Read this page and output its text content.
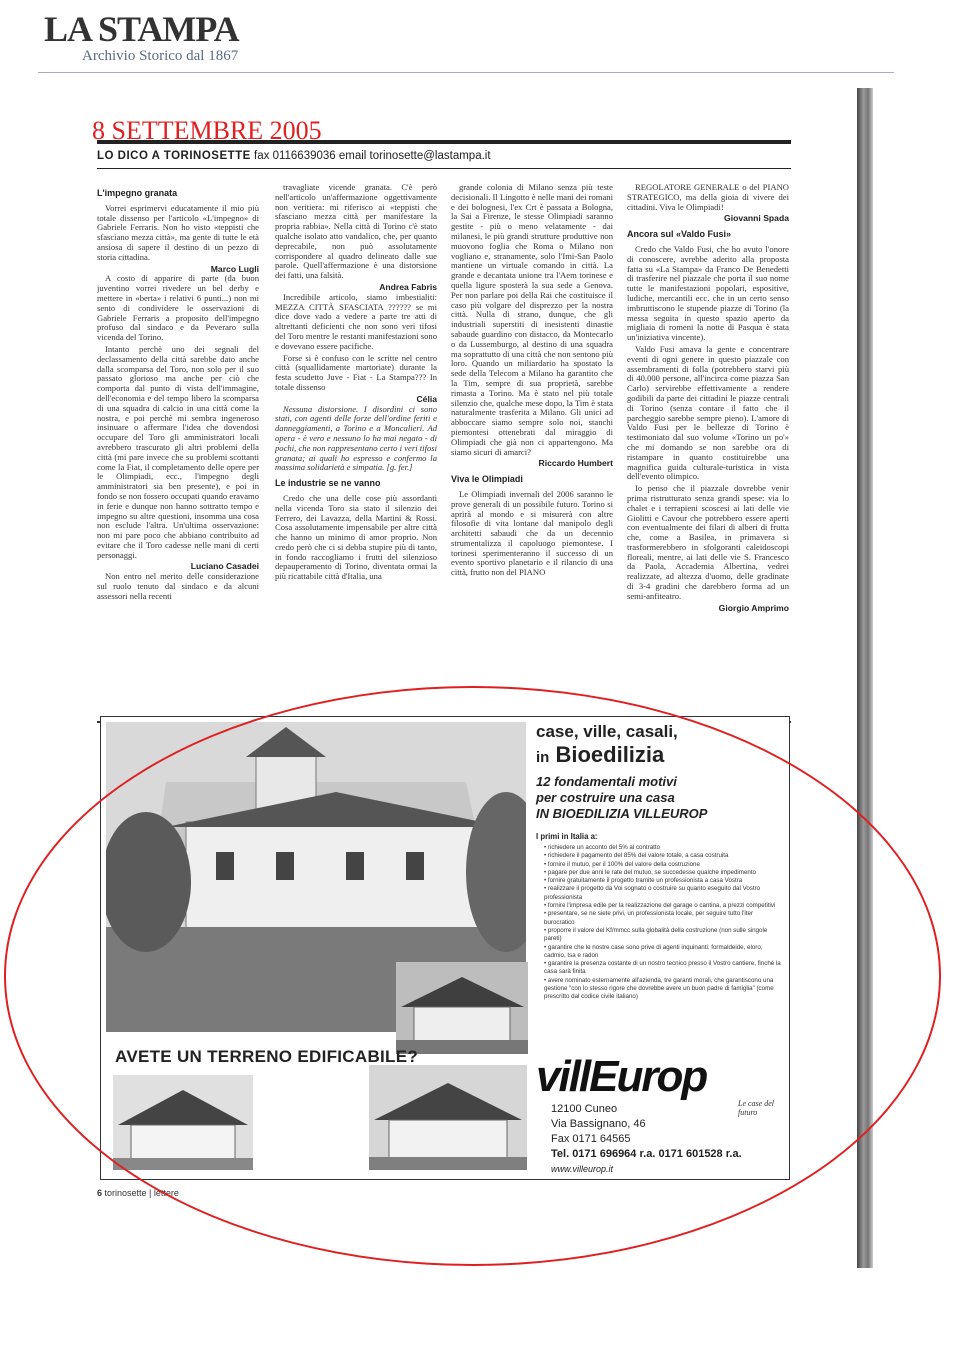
LA STAMPA
Archivio Storico dal 1867
8 SETTEMBRE 2005
LO DICO A TORINOSETTE fax 0116639036 email torinosette@lastampa.it
L'impegno granata

Vorrei esprimervi educatamente il mio più totale dissenso per l'articolo «L'impegno» di Gabriele Ferraris. Non ho visto «teppisti che sfasciano mezza città», ma gente di tutte le età ansiosa di sapere il destino di un pezzo di storia cittadina.

Marco Lugli

A costo di apparire di parte (da buon juventino vorrei rivedere un bel derby e mettere in «berta» i relativi 6 punti...) non mi sento di condividere le osservazioni di Gabriele Ferraris a proposito dell'impegno profuso dal sindaco e da Peverarо sulla vicenda del Torino.

Intanto perchè uno dei segnali del declassamento della città sarebbe dato anche dalla scomparsa del Toro, non solo per il suo passato glorioso ma anche per ciò che comporta dal punto di vista dell'immagine, dell'economia e del tempo libero la scomparsa di una squadra di calcio in una città come la nostra, e poi perchè mi sembra ingeneroso insinuare o affermare l'idea che dovendosi occupare del Toro gli amministratori locali avrebbero trascurato gli altri problemi della città (mi pare invece che su problemi scottanti come la Fiat, il completamento delle opere per le Olimpiadi, ecc., l'impegno degli amministratori sia ben presente), e poi in fondo se non fossero occupati quando eravamo in ferie e dunque non hanno sottratto tempo e impegno su altre questioni, insomma una cosa non esclude l'altra. Un'ultima osservazione: non mi pare poco che abbiano contribuito ad evitare che il Toro cadesse nelle mani di certi personaggi.

Luciano Casadei

Non entro nel merito delle considerazione sul ruolo tenuto dal sindaco e da alcuni assessori nella recenti

travagliate vicende granata. C'è però nell'articolo un'affermazione oggettivamente non veritiera: mi riferisco ai «teppisti che sfasciano mezza città per manifestare la propria rabbia». Nella città di Torino c'è stato qualche isolato atto vandalico, che, per quanto deprecabile, non può assolutamente corrispondere al quadro delineato dalle sue parole. Quell'affermazione è una distorsione dei fatti, una falsità.

Andrea Fabris

Incredibile articolo, siamo imbestialiti: MEZZA CITTÀ SFASCIATA ?????? se mi dice dove vado a vedere a parte tre atti di altrettanti deficienti che non sono veri tifosi del Toro mentre le restanti manifestazioni sono e dovevano essere pacifiche.

Forse si è confuso con le scritte nel centro città (squallidamente martoriate) durante la festa scudetto Juve - Fiat - La Stampa??? In totale dissenso

Célia

Nessuna distorsione. I disordini ci sono stati, con agenti delle forze dell'ordine feriti e danneggiamenti, a Torino e a Moncalieri. Ad opera - è vero e nessuno lo ha mai negato - di pochi, che non rappresentano certo i veri tifosi granata; ai quali ho espresso e confermo la massima solidarietà e simpatia. [g. fer.]

Le industrie se ne vanno

Credo che una delle cose più assordanti nella vicenda Toro sia stato il silenzio dei Ferrero, dei Lavazza, della Martini & Rossi. Cosa assolutamente impensabile per altre città che hanno un minimo di amor proprio. Non credo però che ci si debba stupire più di tanto, in fondo raccogliamo i frutti del silenzioso depauperamento di Torino, diventata ormai la più ricattabile città d'Italia, una

grande colonia di Milano senza più teste decisionali. Il Lingotto è nelle mani dei romani e dei bolognesi, l'ex Crt è passata a Bologna, la Sai a Firenze, le stesse Olimpiadi saranno gestite - più o meno velatamente - dai milanesi, le più grandi strutture produttive non muovono foglia che Roma o Milano non vogliano e, stranamente, solo l'Imi-San Paolo mantiene un virtuale comando in città. La grande e decantata unione tra l'Aem torinese e quella ligure sposterà la sua sede a Genova. Per non parlare poi della Rai che costituisce il caso più volgare del disprezzo per la nostra città. Nulla di strano, dunque, che gli industriali superstiti di inesistenti dinastie sabaude guardino con distacco, da Montecarlo o da Lussemburgo, al destino di una squadra ma soprattutto di una città che non sentono più loro. Quando un miliardario ha spostato la sede della Telecom a Milano ha garantito che la Tim, sempre di sua proprietà, sarebbe rimasta a Torino. Ma è stato nel più totale silenzio che, qualche mese dopo, la Tim è stata naturalmente trasferita a Milano. Gli unici ad abboccare siamo sempre solo noi, stanchi piemontesi ottenebrati dal miraggio di Olimpiadi che già non ci appartengono. Ma siamo sicuri di amarci?

Riccardo Humbert
Viva le Olimpiadi

Le Olimpiadi invernali del 2006 saranno le prove generali di un possibile futuro. Torino si aprirà al mondo e si misurerà con altre filosofie di vita lontane dal manipolo degli architetti sabaudi che da un decennio strumentalizza il capoluogo piemontese. I torinesi sperimenteranno il successo di un evento sportivo planetario e il rilancio di una città, frutto non del PIANO

REGOLATORE GENERALE o del PIANO STRATEGICO, ma della gioia di vivere dei cittadini. Viva le Olimpiadi!

Giovanni Spada
Ancora sul «Valdo Fusi»

Credo che Valdo Fusi, che ho avuto l'onore di conoscere, avrebbe aderito alla proposta fatta su «La Stampa» da Franco De Benedetti di trasferire nel piazzale che porta il suo nome tutte le manifestazioni popolari, espositive, ludiche, mercantili ecc. che in un certo senso imbruttiscono le stupende piazze di Torino (la messa seguita in questo spazio aperto da migliaia di romeni la notte di Pasqua è stata un'iniziativa vincente).

Valdo Fusi amava la gente e concentrare eventi di ogni genere in questo piazzale con assembramenti di folla (potrebbero starvi più di 40.000 persone, all'incirca come piazza San Carlo) servirebbe effettivamente a rendere godibili da parte dei cittadini le piazze centrali di Torino (senza contare il fatto che il parcheggio sarebbe sempre pieno). L'amore di Valdo Fusi per le bellezze di Torino è testimoniato dal suo volume «Torino un po'» che mi domando se non sarebbe ora di ristampare in quanto costituirebbe una magnifica guida culturale-turistica in vista dell'evento olimpico.

Io penso che il piazzale dovrebbe venir prima ristrutturato senza grandi spese: via lo chalet e i terrapieni scoscesi ai lati delle vie Giolitti e Cavour che potrebbero essere aperti con eventualmente dei filari di alberi di frutta che, come a Basilea, in primavera si trasformerebbero in sfolgoranti caleidoscopi floreali, mentre, ai lati delle vie S. Francesco da Paola, Accademia Albertina, vedrei realizzate, ad altezza d'uomo, delle gradinate di 3-4 gradini che darebbero forma ad un semi-anfiteatro.

Giorgio Amprimo
AVETE UN TERRENO EDIFICABILE?
case, ville, casali,
in Bioedilizia
12 fondamentali motivi
per costruire una casa
IN BIOEDILIZIA VILLEUROP
I primi in Italia a:
• richiedere un acconto del 5% al contratto
• richiedere il pagamento del 85% del valore totale, a casa costruita
• fornire il mutuo, per il 100% del valore della costruzione
• pagare per due anni le rate del mutuo, se succedesse qualche impedimento
• fornire gratuitamente il progetto tramite un professionista a casa Vostra
• realizzare il progetto da Voi sognato o costruire su quanto eseguito dal Vostro professionista
• fornire l'impresa edile per la realizzazione del garage o cantina, a prezzi competitivi
• presentare, se ne siete privi, un professionista locale, per seguire tutto l'iter burocratico
• proporre il valore del Kf/mmcc sulla globalità della costruzione (non sulle singole pareti)
• garantire che le nostre case sono prive di agenti inquinanti: formaldeide, eloro, cadmio, tsa e radon
• garantire la presenza costante di un nostro tecnico presso il Vostro cantiere, finché la casa sarà finita
• avere nominato esternamente all'azienda, tre garanti morali, che garantiscono una gestione "con lo stesso rigore che dovrebbe avere un buon padre di famiglia" (come prescritto dal codice civile italiano)
villEurop
Le case del futuro
12100 Cuneo
Via Bassignano, 46
Fax 0171 64565
Tel. 0171 696964 r.a. 0171 601528 r.a.
www.villeurop.it
6 torinosette | lettere
